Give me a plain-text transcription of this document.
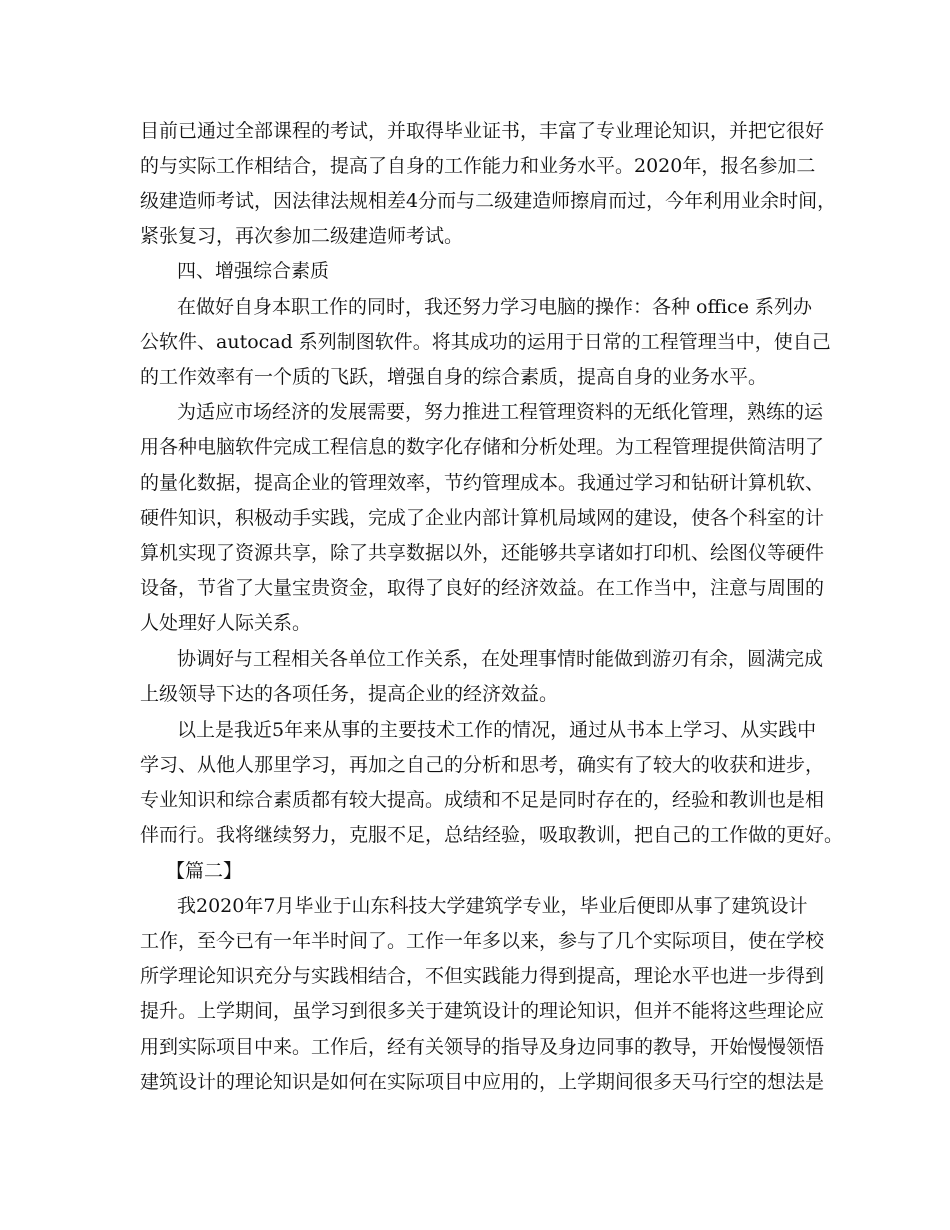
目前已通过全部课程的考试，并取得毕业证书，丰富了专业理论知识，并把它很好
的与实际工作相结合，提高了自身的工作能力和业务水平。2020年，报名参加二
级建造师考试，因法律法规相差4分而与二级建造师擦肩而过，今年利用业余时间，
紧张复习，再次参加二级建造师考试。
四、增强综合素质
在做好自身本职工作的同时，我还努力学习电脑的操作：各种 office 系列办
公软件、autocad 系列制图软件。将其成功的运用于日常的工程管理当中，使自己
的工作效率有一个质的飞跃，增强自身的综合素质，提高自身的业务水平。
为适应市场经济的发展需要，努力推进工程管理资料的无纸化管理，熟练的运
用各种电脑软件完成工程信息的数字化存储和分析处理。为工程管理提供简洁明了
的量化数据，提高企业的管理效率，节约管理成本。我通过学习和钻研计算机软、
硬件知识，积极动手实践，完成了企业内部计算机局域网的建设，使各个科室的计
算机实现了资源共享，除了共享数据以外，还能够共享诸如打印机、绘图仪等硬件
设备，节省了大量宝贵资金，取得了良好的经济效益。在工作当中，注意与周围的
人处理好人际关系。
协调好与工程相关各单位工作关系，在处理事情时能做到游刃有余，圆满完成
上级领导下达的各项任务，提高企业的经济效益。
以上是我近5年来从事的主要技术工作的情况，通过从书本上学习、从实践中
学习、从他人那里学习，再加之自己的分析和思考，确实有了较大的收获和进步，
专业知识和综合素质都有较大提高。成绩和不足是同时存在的，经验和教训也是相
伴而行。我将继续努力，克服不足，总结经验，吸取教训，把自己的工作做的更好。
【篇二】
我2020年7月毕业于山东科技大学建筑学专业，毕业后便即从事了建筑设计
工作，至今已有一年半时间了。工作一年多以来，参与了几个实际项目，使在学校
所学理论知识充分与实践相结合，不但实践能力得到提高，理论水平也进一步得到
提升。上学期间，虽学习到很多关于建筑设计的理论知识，但并不能将这些理论应
用到实际项目中来。工作后，经有关领导的指导及身边同事的教导，开始慢慢领悟
建筑设计的理论知识是如何在实际项目中应用的，上学期间很多天马行空的想法是
